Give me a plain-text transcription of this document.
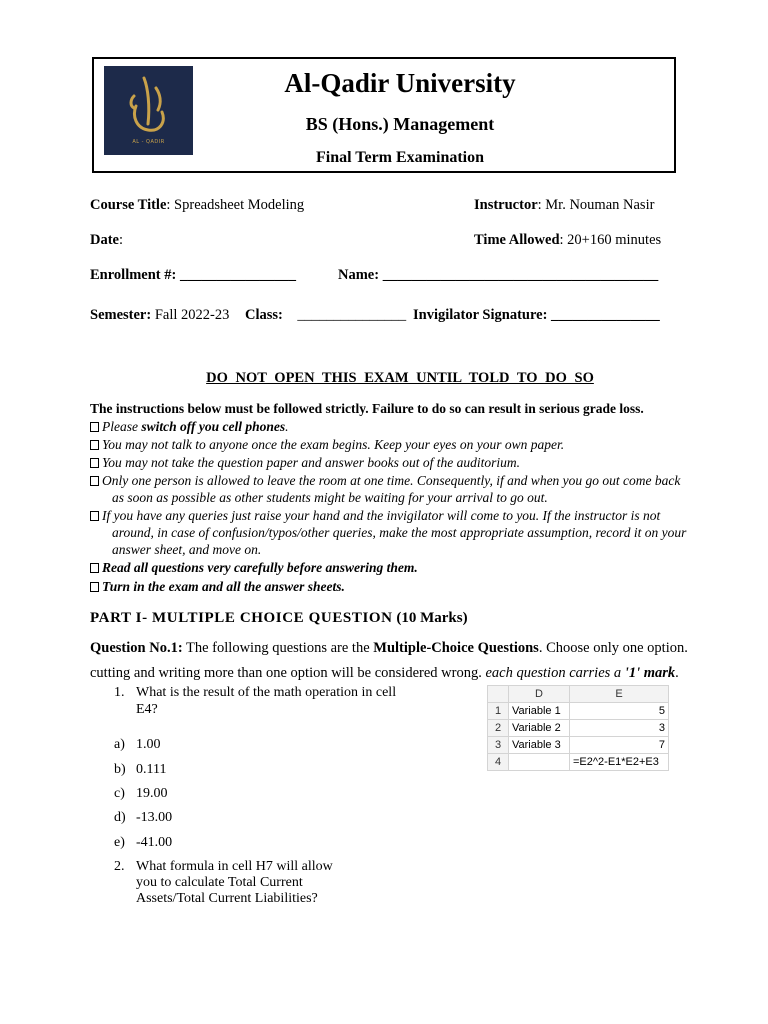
AL - QADIR
Al-Qadir University
BS (Hons.) Management
Final Term Examination
Course Title: Spreadsheet Modeling	Instructor: Mr. Nouman Nasir
Date:	Time Allowed: 20+160 minutes
Enrollment #: ________________	Name: ______________________________________
Semester: Fall 2022-23 Class: _______________ Invigilator Signature: _______________
DO NOT OPEN THIS EXAM UNTIL TOLD TO DO SO
The instructions below must be followed strictly. Failure to do so can result in serious grade loss.
Please switch off you cell phones.
You may not talk to anyone once the exam begins. Keep your eyes on your own paper.
You may not take the question paper and answer books out of the auditorium.
Only one person is allowed to leave the room at one time. Consequently, if and when you go out come back
as soon as possible as other students might be waiting for your arrival to go out.
If you have any queries just raise your hand and the invigilator will come to you. If the instructor is not
around, in case of confusion/typos/other queries, make the most appropriate assumption, record it on your
answer sheet, and move on.
Read all questions very carefully before answering them.
Turn in the exam and all the answer sheets.
PART I- MULTIPLE CHOICE QUESTION (10 Marks)
Question No.1: The following questions are the Multiple-Choice Questions. Choose only one option. cutting and writing more than one option will be considered wrong. each question carries a '1' mark.
1. What is the result of the math operation in cell
E4?
a) 1.00
b) 0.111
c) 19.00
d) -13.00
e) -41.00
2. What formula in cell H7 will allow
you to calculate Total Current
Assets/Total Current Liabilities?
	D	E
1	Variable 1	5
2	Variable 2	3
3	Variable 3	7
4		=E2^2-E1*E2+E3
